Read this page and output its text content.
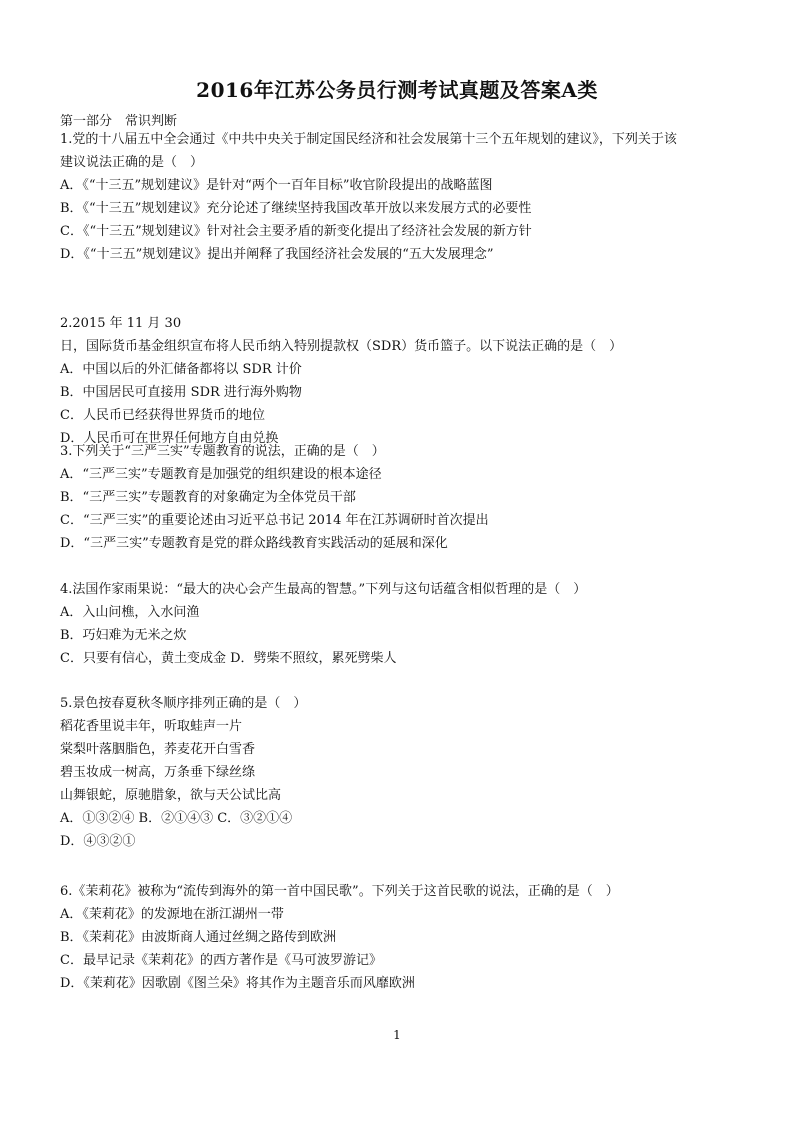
2016年江苏公务员行测考试真题及答案A类
第一部分　常识判断
1.党的十八届五中全会通过《中共中央关于制定国民经济和社会发展第十三个五年规划的建议》，下列关于该
建议说法正确的是（　）
A．《“十三五”规划建议》是针对“两个一百年目标”收官阶段提出的战略蓝图
B．《“十三五”规划建议》充分论述了继续坚持我国改革开放以来发展方式的必要性
C．《“十三五”规划建议》针对社会主要矛盾的新变化提出了经济社会发展的新方针
D．《“十三五”规划建议》提出并阐释了我国经济社会发展的“五大发展理念”
2.2015 年 11 月 30
日，国际货币基金组织宣布将人民币纳入特别提款权（SDR）货币篮子。以下说法正确的是（　）
A．中国以后的外汇储备都将以 SDR 计价
B．中国居民可直接用 SDR 进行海外购物
C．人民币已经获得世界货币的地位
D．人民币可在世界任何地方自由兑换
3.下列关于“三严三实”专题教育的说法，正确的是（　）
A．“三严三实”专题教育是加强党的组织建设的根本途径
B．“三严三实”专题教育的对象确定为全体党员干部
C．“三严三实”的重要论述由习近平总书记 2014 年在江苏调研时首次提出
D．“三严三实”专题教育是党的群众路线教育实践活动的延展和深化
4.法国作家雨果说：“最大的决心会产生最高的智慧。”下列与这句话蕴含相似哲理的是（　）
A．入山问樵，入水问渔
B．巧妇难为无米之炊
C．只要有信心，黄土变成金 D．劈柴不照纹，累死劈柴人
5.景色按春夏秋冬顺序排列正确的是（　）
稻花香里说丰年，听取蛙声一片
棠梨叶落胭脂色，荞麦花开白雪香
碧玉妆成一树高，万条垂下绿丝绦
山舞银蛇，原驰腊象，欲与天公试比高
A．①③②④ B．②①④③ C．③②①④
D．④③②①
6.《茉莉花》被称为“流传到海外的第一首中国民歌”。下列关于这首民歌的说法，正确的是（　）
A．《茉莉花》的发源地在浙江湖州一带
B．《茉莉花》由波斯商人通过丝绸之路传到欧洲
C．最早记录《茉莉花》的西方著作是《马可波罗游记》
D．《茉莉花》因歌剧《图兰朵》将其作为主题音乐而风靡欧洲
1
